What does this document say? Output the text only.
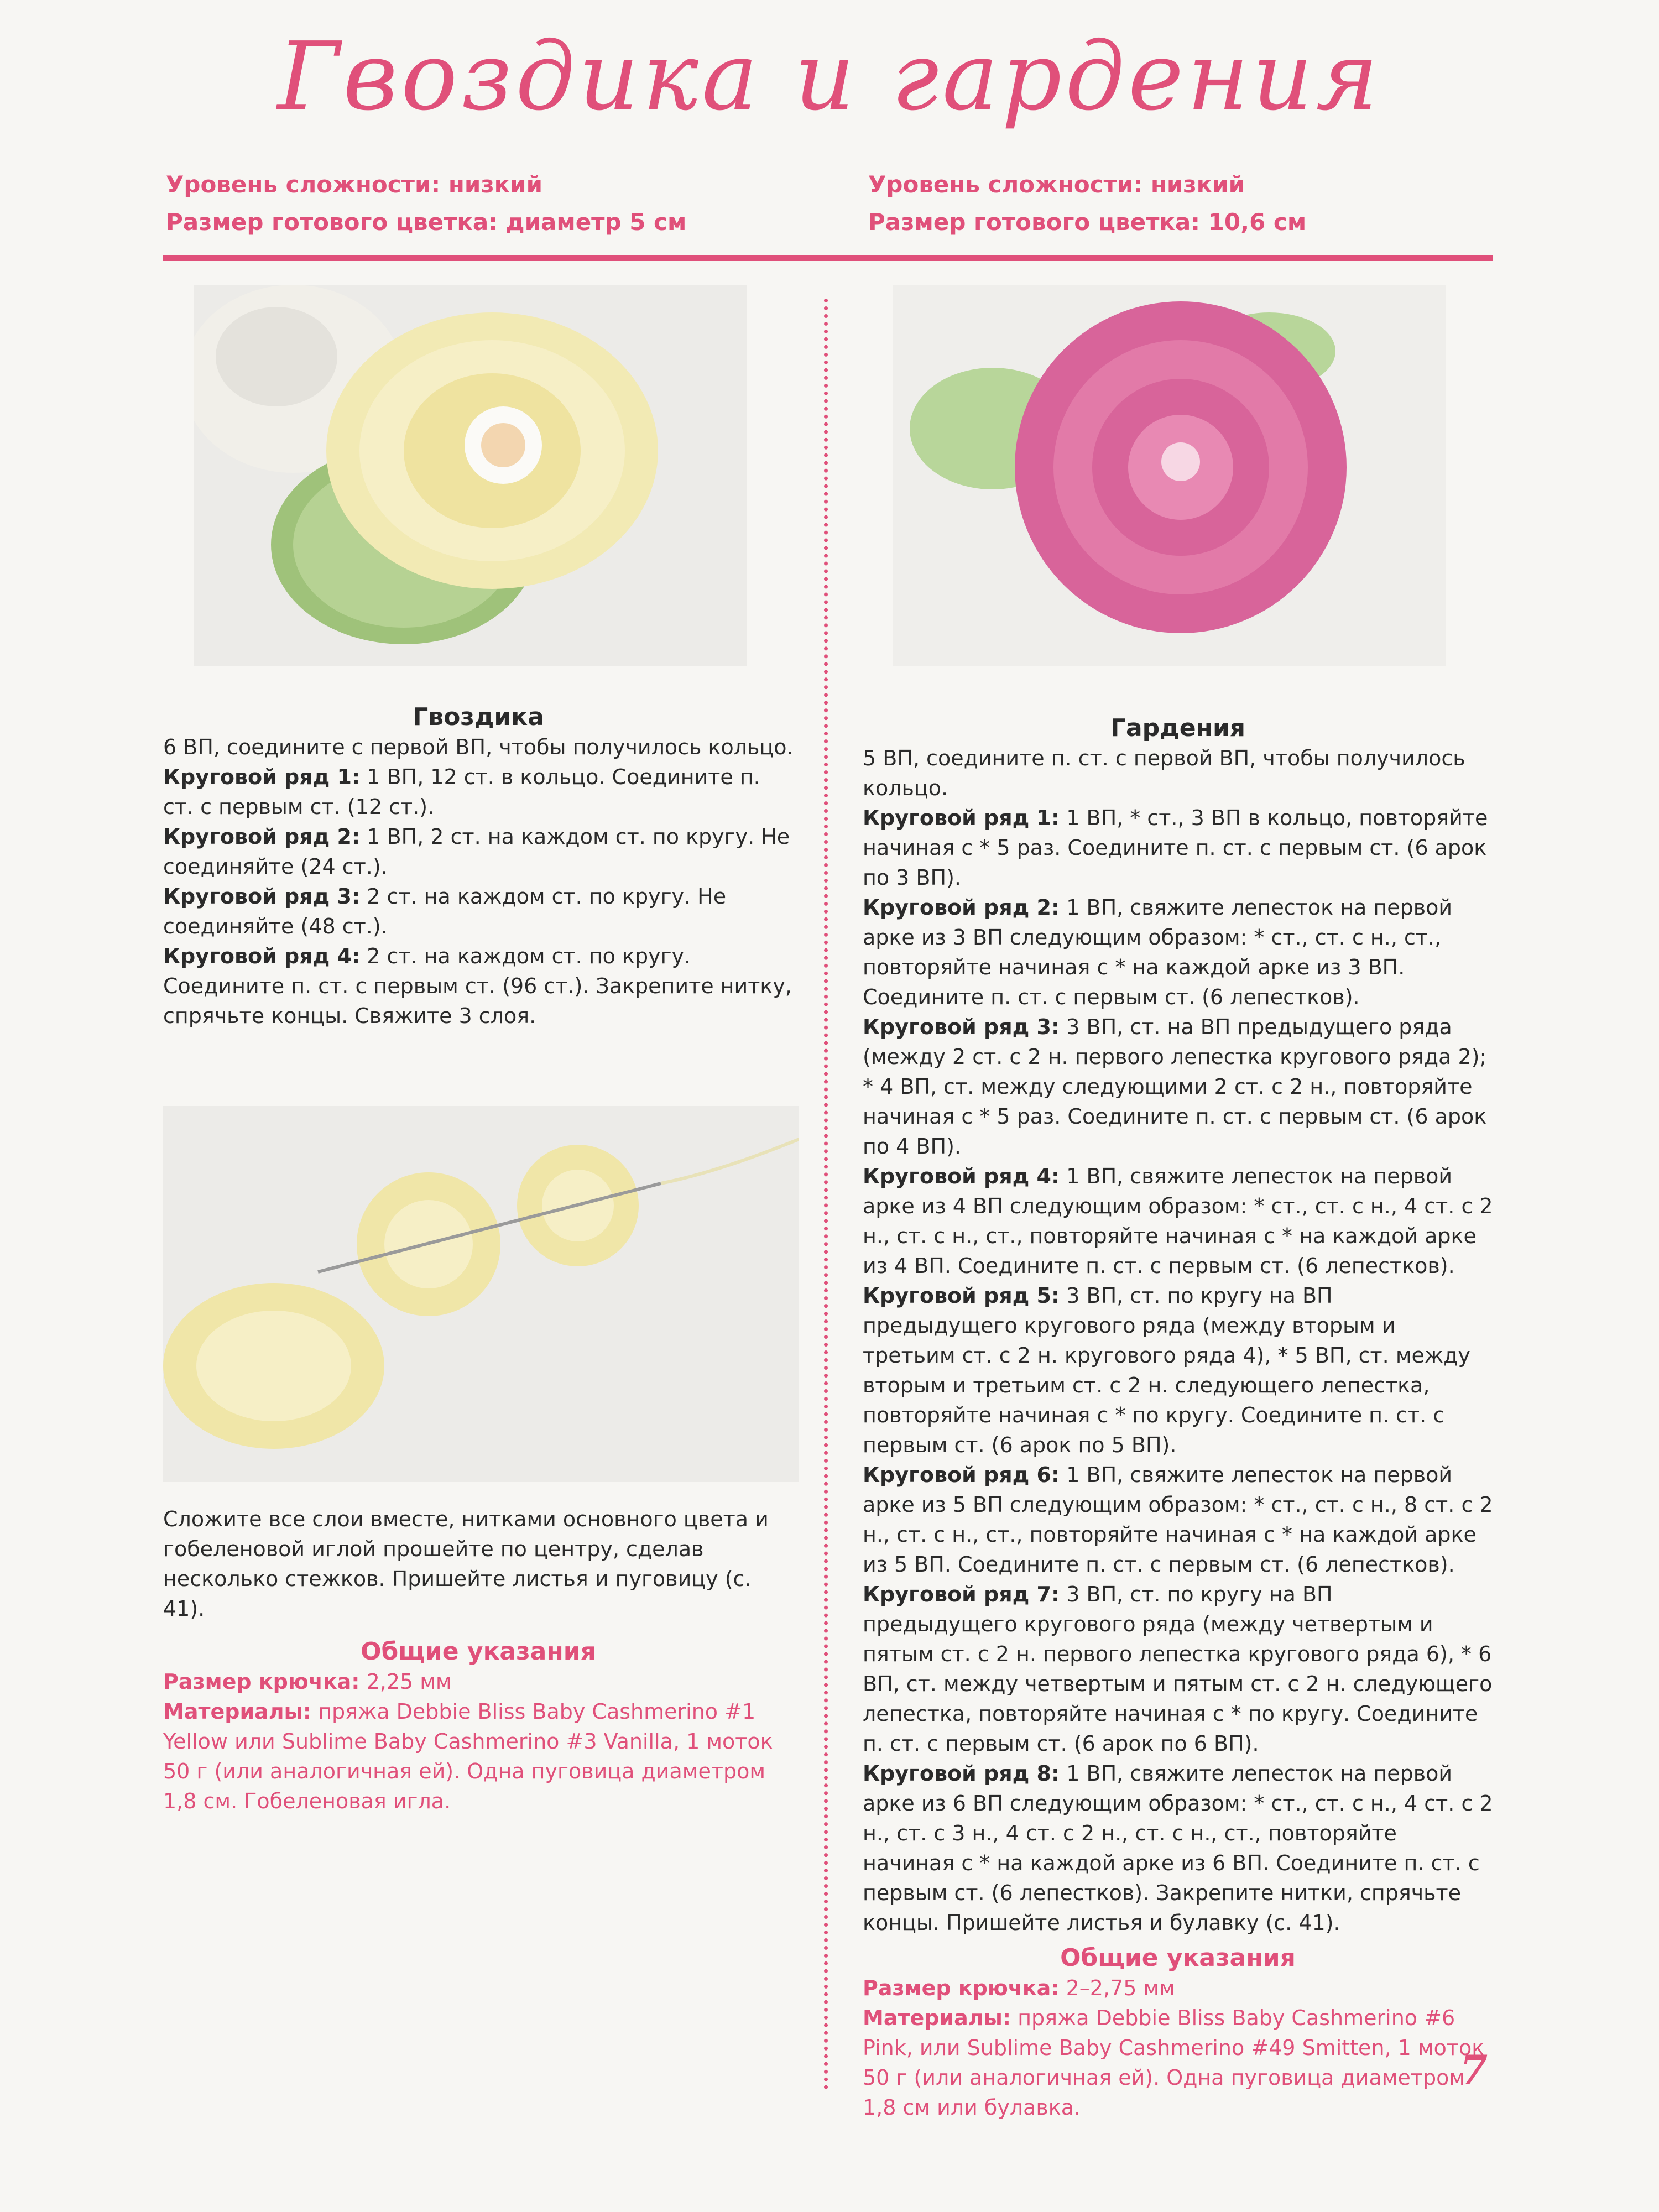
Гвоздика и гардения
Уровень сложности: низкий
Размер готового цветка: диаметр 5 см
Уровень сложности: низкий
Размер готового цветка: 10,6 см
Гвоздика

6 ВП, соедините с первой ВП, чтобы получилось кольцо.

Круговой ряд 1: 1 ВП, 12 ст. в кольцо. Соедините п. ст. с первым ст. (12 ст.).

Круговой ряд 2: 1 ВП, 2 ст. на каждом ст. по кругу. Не соединяйте (24 ст.).

Круговой ряд 3: 2 ст. на каждом ст. по кругу. Не соединяйте (48 ст.).

Круговой ряд 4: 2 ст. на каждом ст. по кругу. Соедините п. ст. с первым ст. (96 ст.). Закрепите нитку, спрячьте концы. Свяжите 3 слоя.

Сложите все слои вместе, нитками основного цвета и гобеленовой иглой прошейте по центру, сделав несколько стежков. Пришейте листья и пуговицу (с. 41).

Общие указания

Размер крючка: 2,25 мм

Материалы: пряжа Debbie Bliss Baby Cashmerino #1 Yellow или Sublime Baby Cashmerino #3 Vanilla, 1 моток 50 г (или аналогичная ей). Одна пуговица диаметром 1,8 см. Гобеленовая игла.

Гардения

5 ВП, соедините п. ст. с первой ВП, чтобы получилось кольцо.

Круговой ряд 1: 1 ВП, * ст., 3 ВП в кольцо, повторяйте начиная с * 5 раз. Соедините п. ст. с первым ст. (6 арок по 3 ВП).

Круговой ряд 2: 1 ВП, свяжите лепесток на первой арке из 3 ВП следующим образом: * ст., ст. с н., ст., повторяйте начиная с * на каждой арке из 3 ВП. Соедините п. ст. с первым ст. (6 лепестков).

Круговой ряд 3: 3 ВП, ст. на ВП предыдущего ряда (между 2 ст. с 2 н. первого лепестка кругового ряда 2); * 4 ВП, ст. между следующими 2 ст. с 2 н., повторяйте начиная с * 5 раз. Соедините п. ст. с первым ст. (6 арок по 4 ВП).

Круговой ряд 4: 1 ВП, свяжите лепесток на первой арке из 4 ВП следующим образом: * ст., ст. с н., 4 ст. с 2 н., ст. с н., ст., повторяйте начиная с * на каждой арке из 4 ВП. Соедините п. ст. с первым ст. (6 лепестков).

Круговой ряд 5: 3 ВП, ст. по кругу на ВП предыдущего кругового ряда (между вторым и третьим ст. с 2 н. кругового ряда 4), * 5 ВП, ст. между вторым и третьим ст. с 2 н. следующего лепестка, повторяйте начиная с * по кругу. Соедините п. ст. с первым ст. (6 арок по 5 ВП).

Круговой ряд 6: 1 ВП, свяжите лепесток на первой арке из 5 ВП следующим образом: * ст., ст. с н., 8 ст. с 2 н., ст. с н., ст., повторяйте начиная с * на каждой арке из 5 ВП. Соедините п. ст. с первым ст. (6 лепестков).

Круговой ряд 7: 3 ВП, ст. по кругу на ВП предыдущего кругового ряда (между четвертым и пятым ст. с 2 н. первого лепестка кругового ряда 6), * 6 ВП, ст. между четвертым и пятым ст. с 2 н. следующего лепестка, повторяйте начиная с * по кругу. Соедините п. ст. с первым ст. (6 арок по 6 ВП).

Круговой ряд 8: 1 ВП, свяжите лепесток на первой арке из 6 ВП следующим образом: * ст., ст. с н., 4 ст. с 2 н., ст. с 3 н., 4 ст. с 2 н., ст. с н., ст., повторяйте начиная с * на каждой арке из 6 ВП. Соедините п. ст. с первым ст. (6 лепестков). Закрепите нитки, спрячьте концы. Пришейте листья и булавку (с. 41).

Общие указания

Размер крючка: 2–2,75 мм

Материалы: пряжа Debbie Bliss Baby Cashmerino #6 Pink, или Sublime Baby Cashmerino #49 Smitten, 1 моток 50 г (или аналогичная ей). Одна пуговица диаметром 1,8 см или булавка.

7
